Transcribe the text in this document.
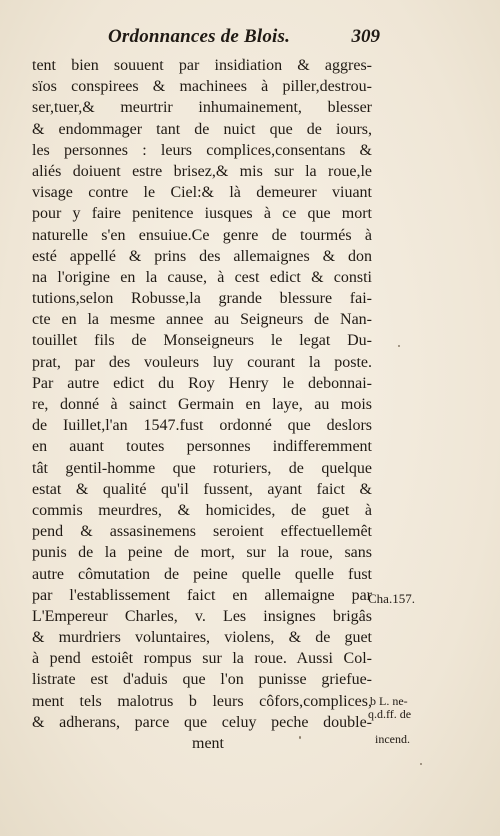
Ordonnances de Blois.	309
tent bien souuent par insidiation & aggres-
sïos conspirees & machinees à piller,destrou-
ser,tuer,& meurtrir inhumainement, blesser
& endommager tant de nuict que de iours,
les personnes : leurs complices,consentans &
aliés doiuent estre brisez,& mis sur la roue,le
visage contre le Ciel:& là demeurer viuant
pour y faire penitence iusques à ce que mort
naturelle s'en ensuiue.Ce genre de tourmés à
esté appellé & prins des allemaignes & don
na l'origine en la cause, à cest edict & consti
tutions,selon Robusse,la grande blessure fai-
cte en la mesme annee au Seigneurs de Nan-
touillet fils de Monseigneurs le legat Du-
prat, par des vouleurs luy courant la poste.
Par autre edict du Roy Henry le debonnai-
re, donné à sainct Germain en laye, au mois
de Iuillet,l'an 1547.fust ordonné que deslors
en auant toutes personnes indifferemment
tât gentil-homme que roturiers, de quelque
estat & qualité qu'il fussent, ayant faict &
commis meurdres, & homicides, de guet à
pend & assasinemens seroient effectuellemêt
punis de la peine de mort, sur la roue, sans
autre cômutation de peine quelle quelle fust
par l'establissement faict en allemaigne par
L'Empereur Charles, v. Les insignes brigâs
& murdriers voluntaires, violens, & de guet
à pend estoiêt rompus sur la roue. Aussi Col-
listrate est d'aduis que l'on punisse griefue-
ment tels malotrus b leurs côfors,complices,
& adherans, parce que celuy peche double-
ment
Cha.157.
b L. ne-
q.d.ff. de
incend.
